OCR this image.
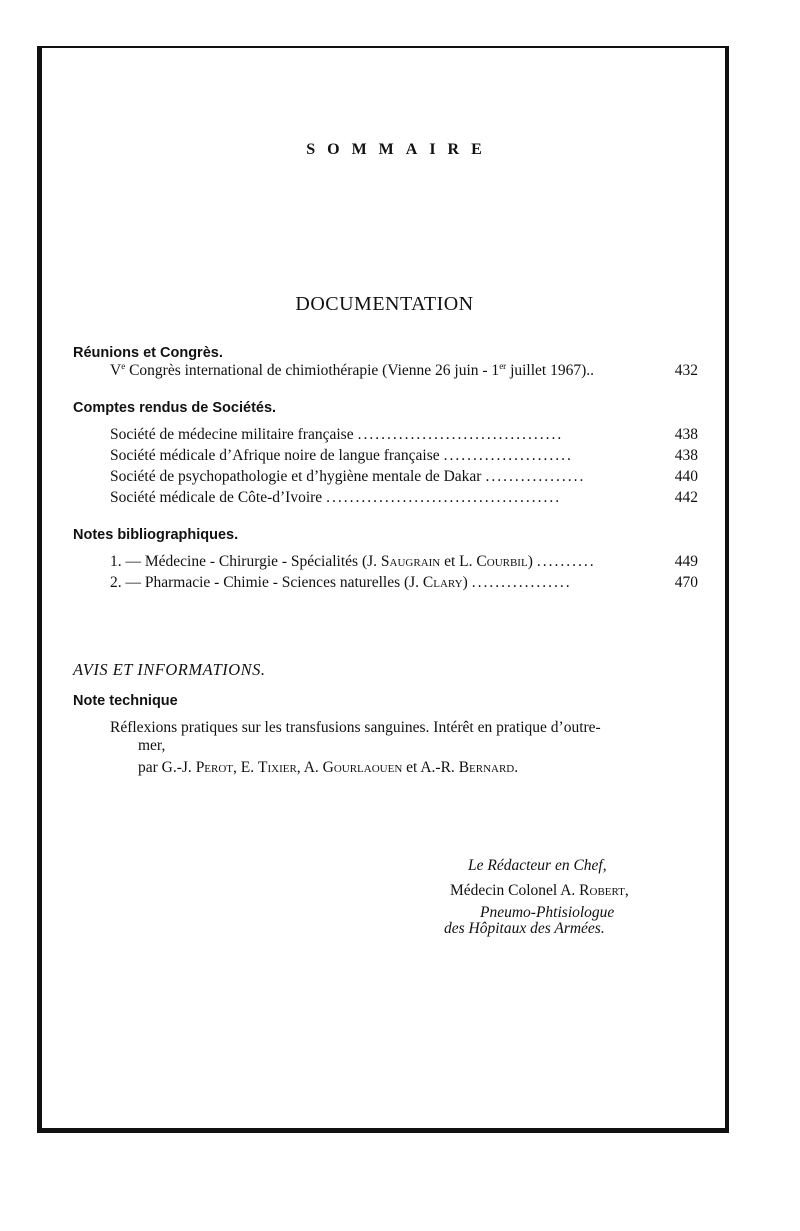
SOMMAIRE
DOCUMENTATION
Réunions et Congrès.
Ve Congrès international de chimiothérapie (Vienne 26 juin - 1er juillet 1967)..	432
Comptes rendus de Sociétés.
Société de médecine militaire française ...................................	438
Société médicale d’Afrique noire de langue française ......................	438
Société de psychopathologie et d’hygiène mentale de Dakar .................	440
Société médicale de Côte-d’Ivoire ........................................	442
Notes bibliographiques.
1. — Médecine - Chirurgie - Spécialités (J. Saugrain et L. Courbil) ..........	449
2. — Pharmacie - Chimie - Sciences naturelles (J. Clary) .................	470
AVIS ET INFORMATIONS.
Note technique
Réflexions pratiques sur les transfusions sanguines. Intérêt en pratique d’outre-
mer,
par G.-J. Perot, E. Tixier, A. Gourlaouen et A.-R. Bernard.
Le Rédacteur en Chef,
Médecin Colonel A. Robert,
Pneumo-Phtisiologue
des Hôpitaux des Armées.
